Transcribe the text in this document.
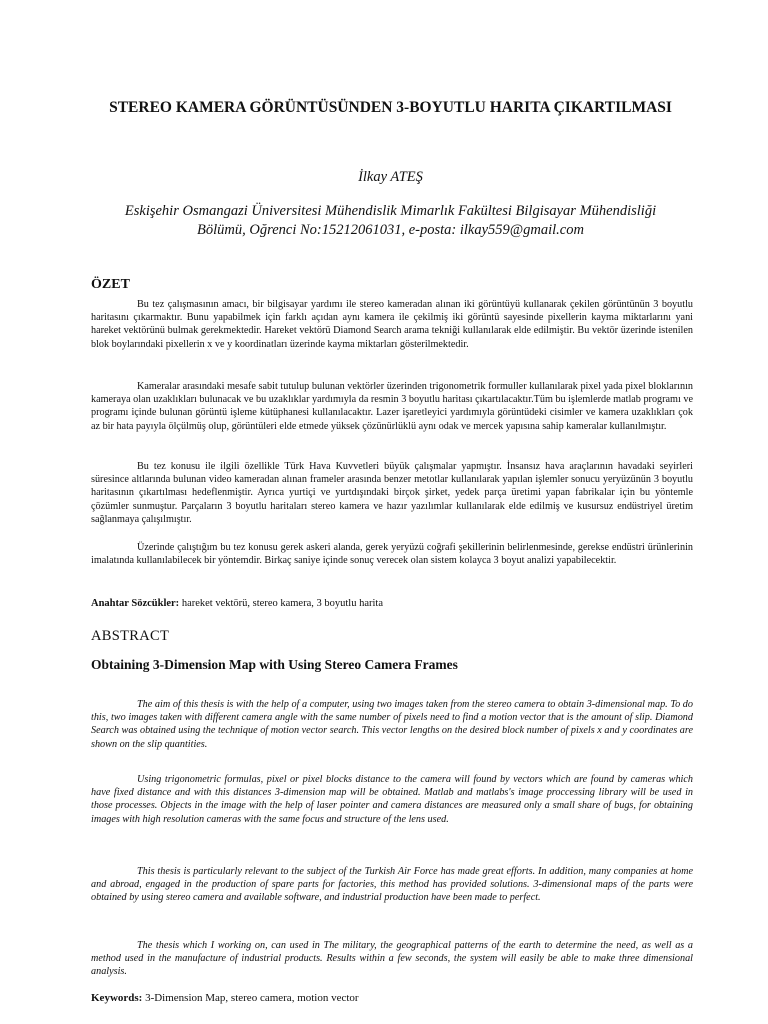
STEREO KAMERA GÖRÜNTÜSÜNDEN 3-BOYUTLU HARITA ÇIKARTILMASI

İlkay ATEŞ

Eskişehir Osmangazi Üniversitesi Mühendislik Mimarlık Fakültesi Bilgisayar Mühendisliği
Bölümü, Oğrenci No:15212061031, e-posta: ilkay559@gmail.com

ÖZET

Bu tez çalışmasının amacı, bir bilgisayar yardımı ile stereo kameradan alınan iki görüntüyü kullanarak çekilen görüntünün 3 boyutlu haritasını çıkarmaktır. Bunu yapabilmek için farklı açıdan aynı kamera ile çekilmiş iki görüntü sayesinde pixellerin kayma miktarlarını yani hareket vektörünü bulmak gerekmektedir. Hareket vektörü Diamond Search arama tekniği kullanılarak elde edilmiştir. Bu vektör üzerinde istenilen blok boylarındaki pixellerin x ve y koordinatları üzerinde kayma miktarları gösterilmektedir.

Kameralar arasındaki mesafe sabit tutulup bulunan vektörler üzerinden trigonometrik formuller kullanılarak pixel yada pixel bloklarının kameraya olan uzaklıkları bulunacak ve bu uzaklıklar yardımıyla da resmin 3 boyutlu haritası çıkartılacaktır.Tüm bu işlemlerde matlab programı ve programı içinde bulunan görüntü işleme kütüphanesi kullanılacaktır. Lazer işaretleyici yardımıyla görüntüdeki cisimler ve kamera uzaklıkları çok az bir hata payıyla ölçülmüş olup, görüntüleri elde etmede yüksek çözünürlüklü aynı odak ve mercek yapısına sahip kameralar kullanılmıştır.

Bu tez konusu ile ilgili özellikle Türk Hava Kuvvetleri büyük çalışmalar yapmıştır. İnsansız hava araçlarının havadaki seyirleri süresince altlarında bulunan video kameradan alınan frameler arasında benzer metotlar kullanılarak yapılan işlemler sonucu yeryüzünün 3 boyutlu haritasının çıkartılması hedeflenmiştir. Ayrıca yurtiçi ve yurtdışındaki birçok şirket, yedek parça üretimi yapan fabrikalar için bu yöntemle çözümler sunmuştur. Parçaların 3 boyutlu haritaları stereo kamera ve hazır yazılımlar kullanılarak elde edilmiş ve kusursuz endüstriyel üretim sağlanmaya çalışılmıştır.

Üzerinde çalıştığım bu tez konusu gerek askeri alanda, gerek yeryüzü coğrafi şekillerinin belirlenmesinde, gerekse endüstri ürünlerinin imalatında kullanılabilecek bir yöntemdir. Birkaç saniye içinde sonuç verecek olan sistem kolayca 3 boyut analizi yapabilecektir.

Anahtar Sözcükler: hareket vektörü, stereo kamera, 3 boyutlu harita

ABSTRACT
Obtaining 3-Dimension Map with Using Stereo Camera Frames

The aim of this thesis is with the help of a computer, using two images taken from the stereo camera to obtain 3-dimensional map. To do this, two images taken with different camera angle with the same number of pixels need to find a motion vector that is the amount of slip. Diamond Search was obtained using the technique of motion vector search. This vector lengths on the desired block number of pixels x and y coordinates are shown on the slip quantities.

Using trigonometric formulas, pixel or pixel blocks distance to the camera will found by vectors which are found by cameras which have fixed distance and with this distances 3-dimension map will be obtained. Matlab and matlabs's image proccessing library will be used in those processes. Objects in the image with the help of laser pointer and camera distances are measured only a small share of bugs, for obtaining images with high resolution cameras with the same focus and structure of the lens used.

This thesis is particularly relevant to the subject of the Turkish Air Force has made great efforts. In addition, many companies at home and abroad, engaged in the production of spare parts for factories, this method has provided solutions. 3-dimensional maps of the parts were obtained by using stereo camera and available software, and industrial production have been made to perfect.

The thesis which I working on, can used in The military, the geographical patterns of the earth to determine the need, as well as a method used in the manufacture of industrial products. Results within a few seconds, the system will easily be able to make three dimensional analysis.

Keywords: 3-Dimension Map, stereo camera, motion vector
